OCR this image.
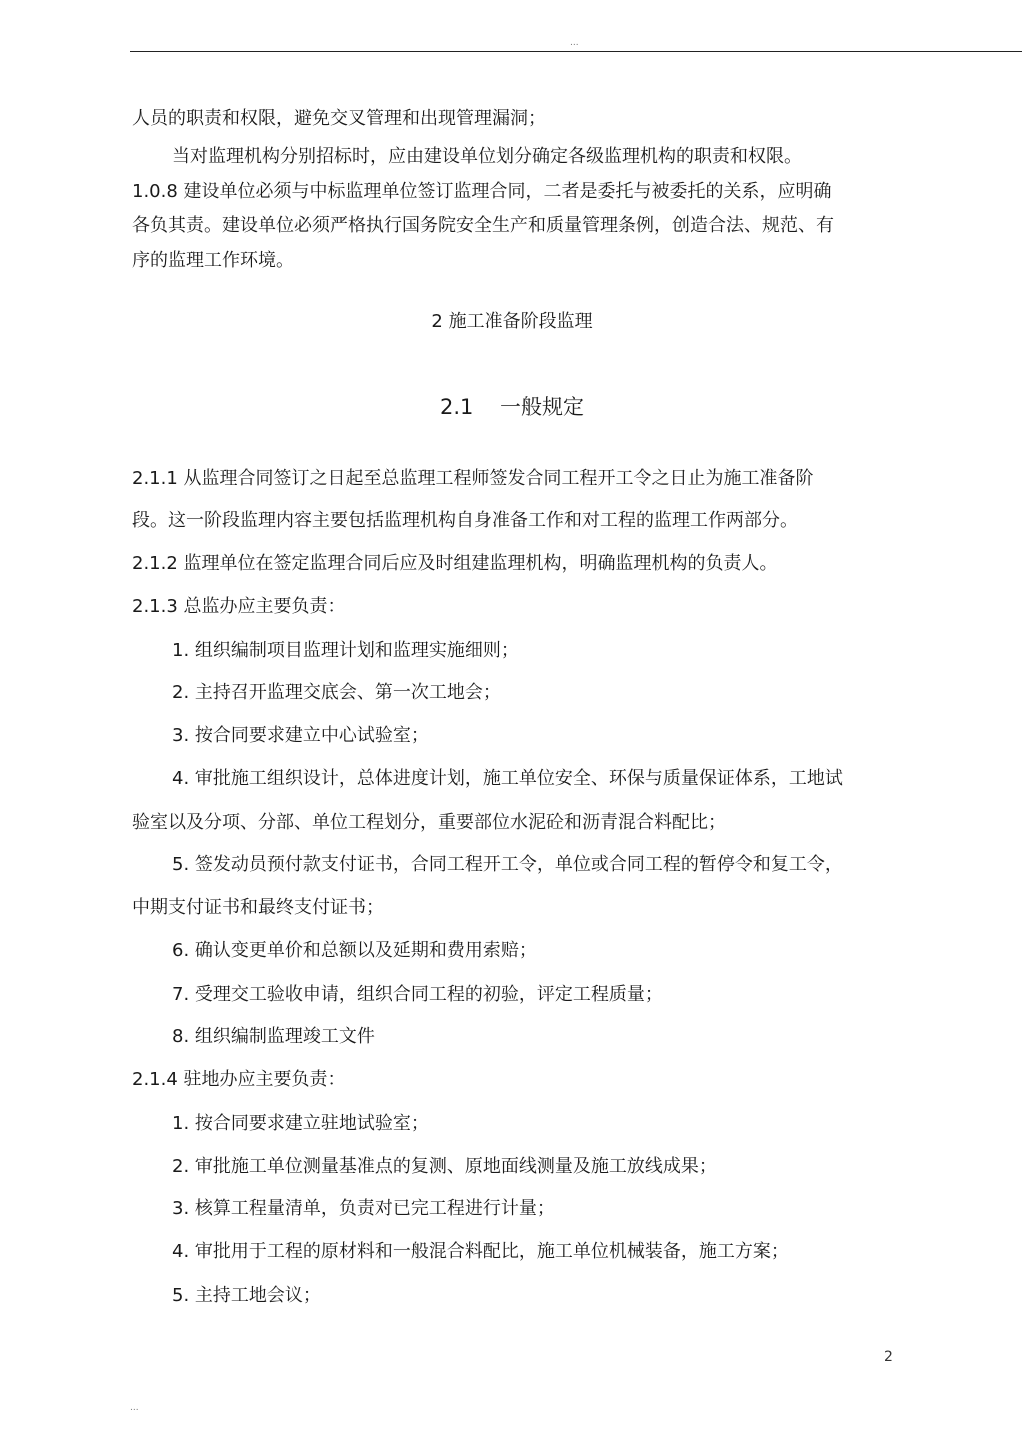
...
人员的职责和权限，避免交叉管理和出现管理漏洞；
当对监理机构分别招标时，应由建设单位划分确定各级监理机构的职责和权限。
1.0.8 建设单位必须与中标监理单位签订监理合同，二者是委托与被委托的关系，应明确
各负其责。建设单位必须严格执行国务院安全生产和质量管理条例，创造合法、规范、有
序的监理工作环境。
2 施工准备阶段监理
2.1 一般规定
2.1.1 从监理合同签订之日起至总监理工程师签发合同工程开工令之日止为施工准备阶
段。这一阶段监理内容主要包括监理机构自身准备工作和对工程的监理工作两部分。
2.1.2 监理单位在签定监理合同后应及时组建监理机构，明确监理机构的负责人。
2.1.3 总监办应主要负责：
1. 组织编制项目监理计划和监理实施细则；
2. 主持召开监理交底会、第一次工地会；
3. 按合同要求建立中心试验室；
4. 审批施工组织设计，总体进度计划，施工单位安全、环保与质量保证体系，工地试
验室以及分项、分部、单位工程划分，重要部位水泥砼和沥青混合料配比；
5. 签发动员预付款支付证书，合同工程开工令，单位或合同工程的暂停令和复工令，
中期支付证书和最终支付证书；
6. 确认变更单价和总额以及延期和费用索赔；
7. 受理交工验收申请，组织合同工程的初验，评定工程质量；
8. 组织编制监理竣工文件
2.1.4 驻地办应主要负责：
1. 按合同要求建立驻地试验室；
2. 审批施工单位测量基准点的复测、原地面线测量及施工放线成果；
3. 核算工程量清单，负责对已完工程进行计量；
4. 审批用于工程的原材料和一般混合料配比，施工单位机械装备，施工方案；
5. 主持工地会议；
2
...
